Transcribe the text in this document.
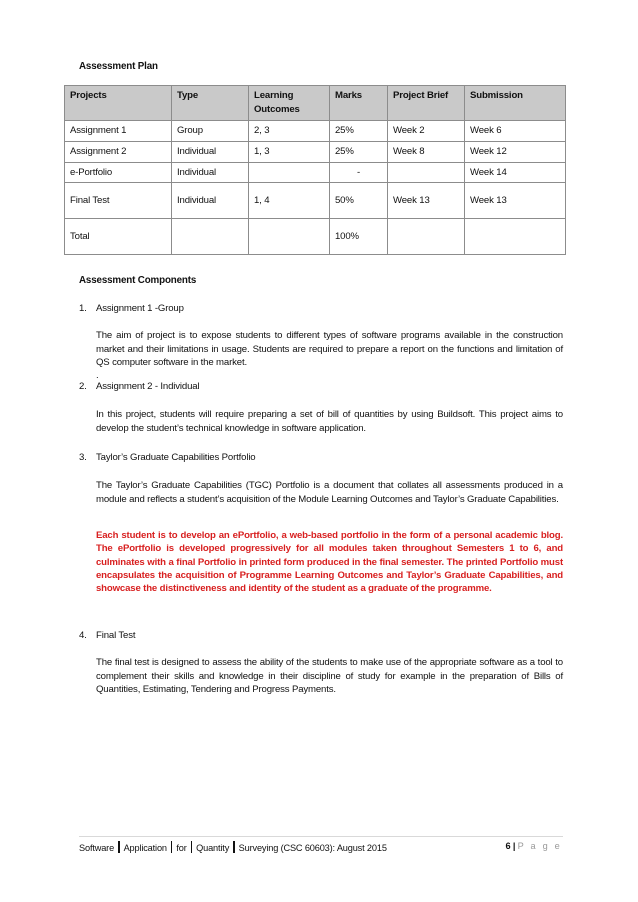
Assessment Plan
Projects	Type	Learning Outcomes	Marks	Project Brief	Submission
Assignment 1	Group	2, 3	25%	Week 2	Week 6
Assignment 2	Individual	1, 3	25%	Week 8	Week 12
e-Portfolio	Individual		-		Week 14
Final Test	Individual	1, 4	50%	Week 13	Week 13
Total			100%		
Assessment Components
1. Assignment 1 -Group
The aim of project is to expose students to different types of software programs available in the construction market and their limitations in usage. Students are required to prepare a report on the functions and limitation of QS computer software in the market.
.
2. Assignment 2 - Individual
In this project, students will require preparing a set of bill of quantities by using Buildsoft. This project aims to develop the student’s technical knowledge in software application.
3. Taylor’s Graduate Capabilities Portfolio
The Taylor’s Graduate Capabilities (TGC) Portfolio is a document that collates all assessments produced in a module and reflects a student’s acquisition of the Module Learning Outcomes and Taylor’s Graduate Capabilities.
Each student is to develop an ePortfolio, a web-based portfolio in the form of a personal academic blog. The ePortfolio is developed progressively for all modules taken throughout Semesters 1 to 6, and culminates with a final Portfolio in printed form produced in the final semester. The printed Portfolio must encapsulates the acquisition of Programme Learning Outcomes and Taylor’s Graduate Capabilities, and showcase the distinctiveness and identity of the student as a graduate of the programme.
4. Final Test
The final test is designed to assess the ability of the students to make use of the appropriate software as a tool to complement their skills and knowledge in their discipline of study for example in the preparation of Bills of Quantities, Estimating, Tendering and Progress Payments.
Software Application for Quantity Surveying (CSC 60603): August 2015	6 | P a g e
